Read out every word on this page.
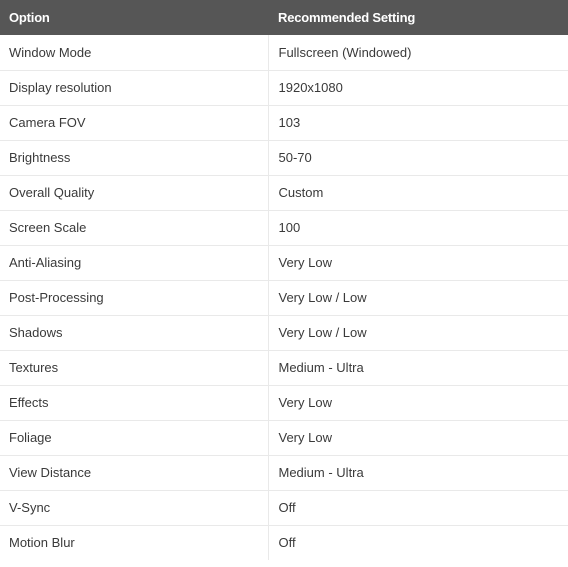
Option	Recommended Setting
Window Mode	Fullscreen (Windowed)
Display resolution	1920x1080
Camera FOV	103
Brightness	50-70
Overall Quality	Custom
Screen Scale	100
Anti-Aliasing	Very Low
Post-Processing	Very Low / Low
Shadows	Very Low / Low
Textures	Medium - Ultra
Effects	Very Low
Foliage	Very Low
View Distance	Medium - Ultra
V-Sync	Off
Motion Blur	Off
